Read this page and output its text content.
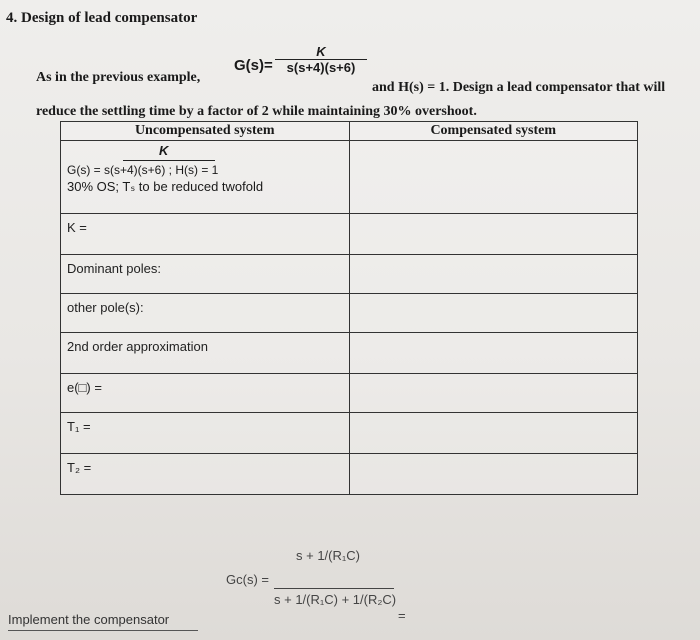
4. Design of lead compensator
As in the previous example,
G(s)=
K
s(s+4)(s+6)
and H(s) = 1. Design a lead compensator that will
reduce the settling time by a factor of 2 while maintaining 30% overshoot.
Uncompensated system	Compensated system

K
G(s) = s(s+4)(s+6) ; H(s) = 1
30% OS; Tₛ to be reduced twofold	

K =	
Dominant poles:	
other pole(s):	
2nd order approximation	
e(□) =	
T₁ =	
T₂ =	
Gc(s) =
s + 1/(R₁C)
s + 1/(R₁C) + 1/(R₂C)
=
Implement the compensator
